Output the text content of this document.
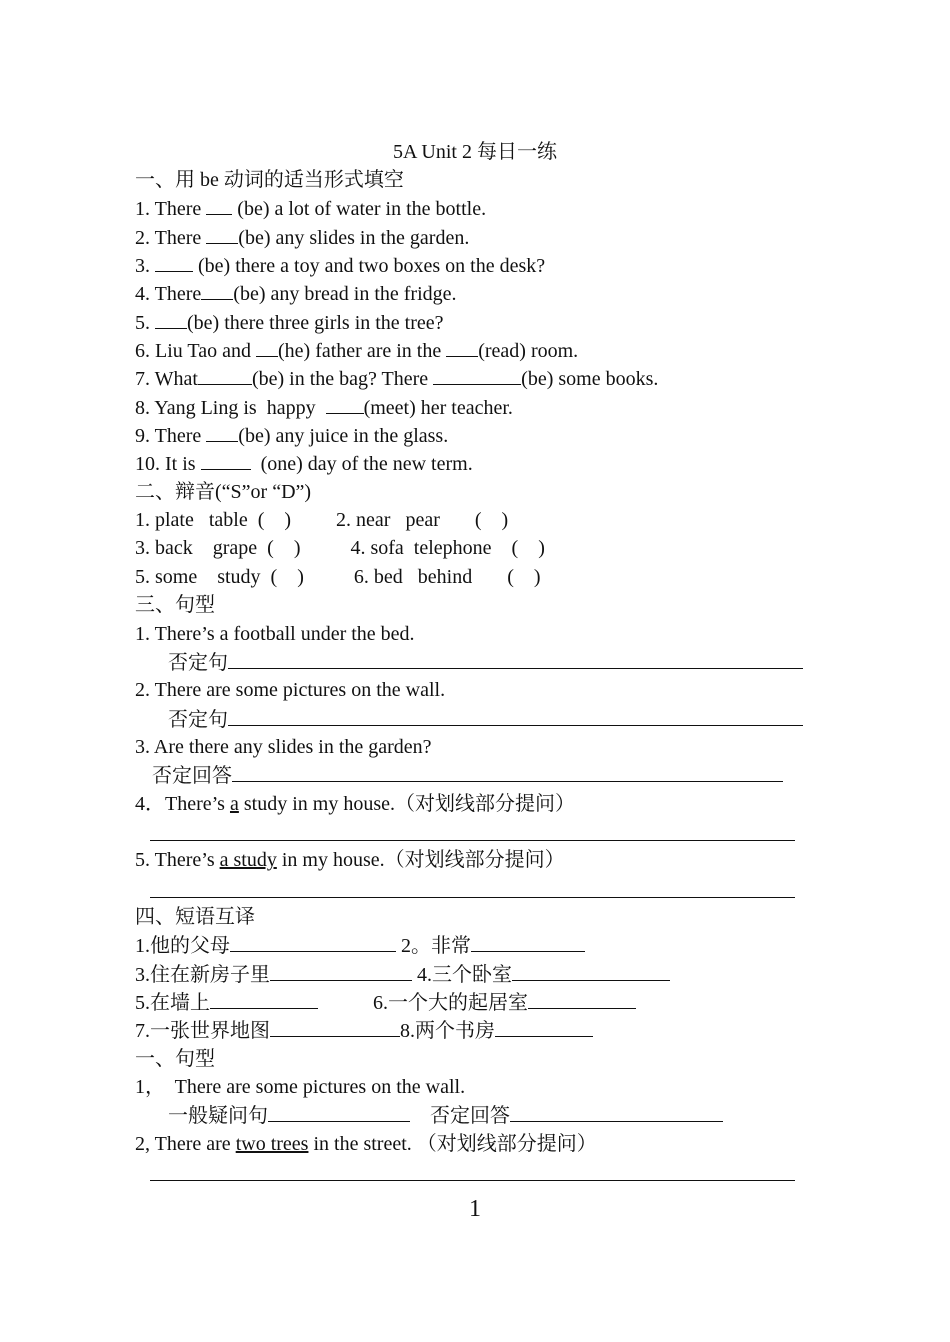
5A Unit 2 每日一练
一、用 be 动词的适当形式填空
1. There  (be) a lot of water in the bottle.
2. There (be) any slides in the garden.
3.  (be) there a toy and two boxes on the desk?
4. There (be) any bread in the fridge.
5. (be) there three girls in the tree?
6. Liu Tao and (he) father are in the (read) room.
7. What	(be) in the bag? There	(be) some books.
8. Yang Ling is  happy  (meet) her teacher.
9. There (be) any juice in the glass.
10. It is	(one) day of the new term.
二、辩音(“S”or “D”)
1. plate   table  (    )         2. near   pear       (    )
3. back    grape  (    )          4. sofa  telephone    (    )
5. some    study  (    )          6. bed   behind       (    )
三、句型
1. There’s a football under the bed.
否定句
2. There are some pictures on the wall.
否定句
3. Are there any slides in the garden?
否定回答
4．There’s a study in my house.（对划线部分提问）
5. There’s a study in my house.（对划线部分提问）
四、短语互译
1.他的父母	2。非常
3.住在新房子里	4.三个卧室
5.在墙上	6.一个大的起居室
7.一张世界地图	8.两个书房
一、句型
1，  There are some pictures on the wall.
一般疑问句	否定回答
2, There are two trees in the street. （对划线部分提问）
1
